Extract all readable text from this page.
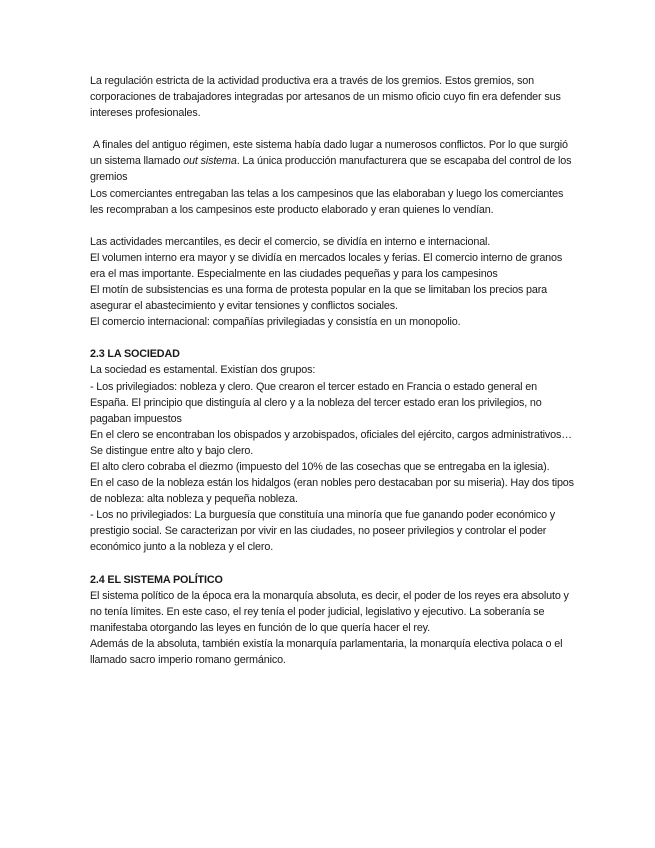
La regulación estricta de la actividad productiva era a través de los gremios. Estos gremios, son corporaciones de trabajadores integradas por artesanos de un mismo oficio cuyo fin era defender sus intereses profesionales.

A finales del antiguo régimen, este sistema había dado lugar a numerosos conflictos. Por lo que surgió un sistema llamado out sistema. La única producción manufacturera que se escapaba del control de los gremios

Los comerciantes entregaban las telas a los campesinos que las elaboraban y luego los comerciantes les recompraban a los campesinos este producto elaborado y eran quienes lo vendían.

Las actividades mercantiles, es decir el comercio, se dividía en interno e internacional.

El volumen interno era mayor y se dividía en mercados locales y ferias. El comercio interno de granos era el mas importante. Especialmente en las ciudades pequeñas y para los campesinos

El motín de subsistencias es una forma de protesta popular en la que se limitaban los precios para asegurar el abastecimiento y evitar tensiones y conflictos sociales.

El comercio internacional: compañías privilegiadas y consistía en un monopolio.

2.3 LA SOCIEDAD

La sociedad es estamental. Existían dos grupos:

- Los privilegiados: nobleza y clero. Que crearon el tercer estado en Francia o estado general en España. El principio que distinguía al clero y a la nobleza del tercer estado eran los privilegios, no pagaban impuestos

En el clero se encontraban los obispados y arzobispados, oficiales del ejército, cargos administrativos… Se distingue entre alto y bajo clero.

El alto clero cobraba el diezmo (impuesto del 10% de las cosechas que se entregaba en la iglesia).

En el caso de la nobleza están los hidalgos (eran nobles pero destacaban por su miseria). Hay dos tipos de nobleza: alta nobleza y pequeña nobleza.

- Los no privilegiados: La burguesía que constituía una minoría que fue ganando poder económico y prestigio social. Se caracterizan por vivir en las ciudades, no poseer privilegios y controlar el poder económico junto a la nobleza y el clero.

2.4 EL SISTEMA POLÍTICO

El sistema político de la época era la monarquía absoluta, es decir, el poder de los reyes era absoluto y no tenía límites. En este caso, el rey tenía el poder judicial, legislativo y ejecutivo. La soberanía se manifestaba otorgando las leyes en función de lo que quería hacer el rey.

Además de la absoluta, también existía la monarquía parlamentaria, la monarquía electiva polaca o el llamado sacro imperio romano germánico.
